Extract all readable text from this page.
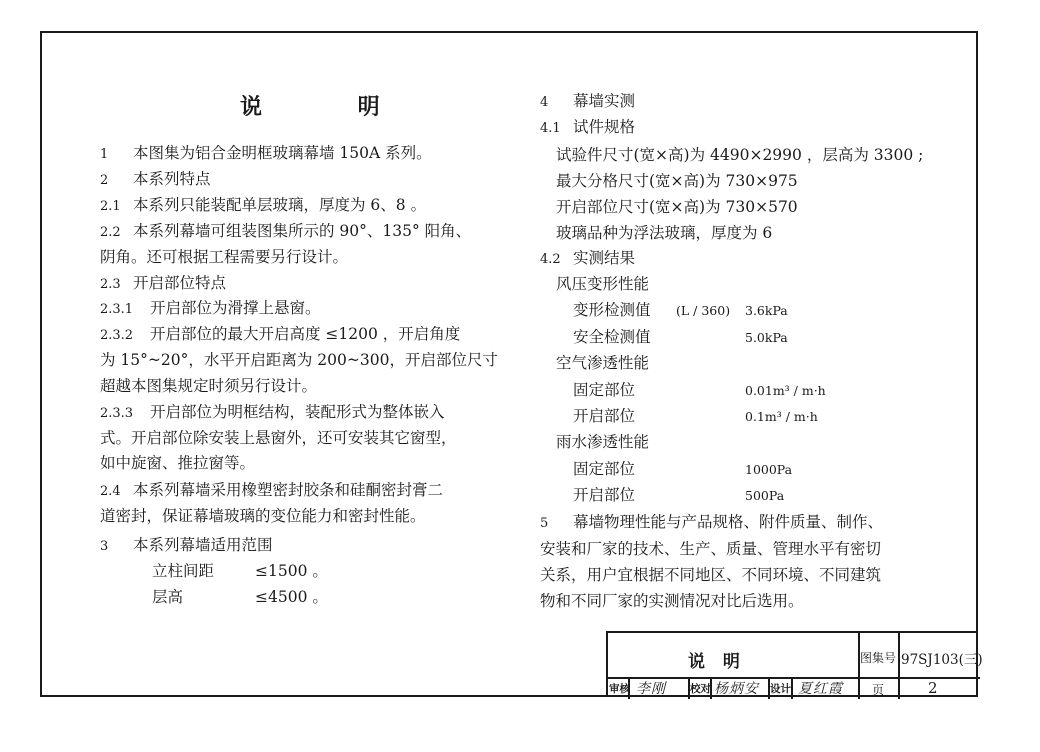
说 明
1 本图集为铝合金明框玻璃幕墙 150A 系列。
2 本系列特点
2.1 本系列只能装配单层玻璃，厚度为 6、8 。
2.2 本系列幕墙可组装图集所示的 90°、135° 阳角、
阴角。还可根据工程需要另行设计。
2.3 开启部位特点
2.3.1 开启部位为滑撑上悬窗。
2.3.2 开启部位的最大开启高度 ≤1200 ，开启角度
为 15°~20°，水平开启距离为 200~300，开启部位尺寸
超越本图集规定时须另行设计。
2.3.3 开启部位为明框结构，装配形式为整体嵌入
式。开启部位除安装上悬窗外，还可安装其它窗型，
如中旋窗、推拉窗等。
2.4 本系列幕墙采用橡塑密封胶条和硅酮密封膏二
道密封，保证幕墙玻璃的变位能力和密封性能。
3 本系列幕墙适用范围
立柱间距	≤1500 。
层高	≤4500 。
4 幕墙实测
4.1 试件规格
试验件尺寸(宽×高)为 4490×2990 ，层高为 3300 ;
最大分格尺寸(宽×高)为 730×975
开启部位尺寸(宽×高)为 730×570
玻璃品种为浮法玻璃，厚度为 6
4.2 实测结果
风压变形性能
变形检测值 (L / 360) 3.6kPa
安全检测值	5.0kPa
空气渗透性能
固定部位	0.01m³ / m·h
开启部位	0.1m³ / m·h
雨水渗透性能
固定部位	1000Pa
开启部位	500Pa
5 幕墙物理性能与产品规格、附件质量、制作、
安装和厂家的技术、生产、质量、管理水平有密切
关系，用户宜根据不同地区、不同环境、不同建筑
物和不同厂家的实测情况对比后选用。
说 明	图集号 97SJ103(三)
审核 李刚 校对 杨炳安 设计 夏红霞 页	2
